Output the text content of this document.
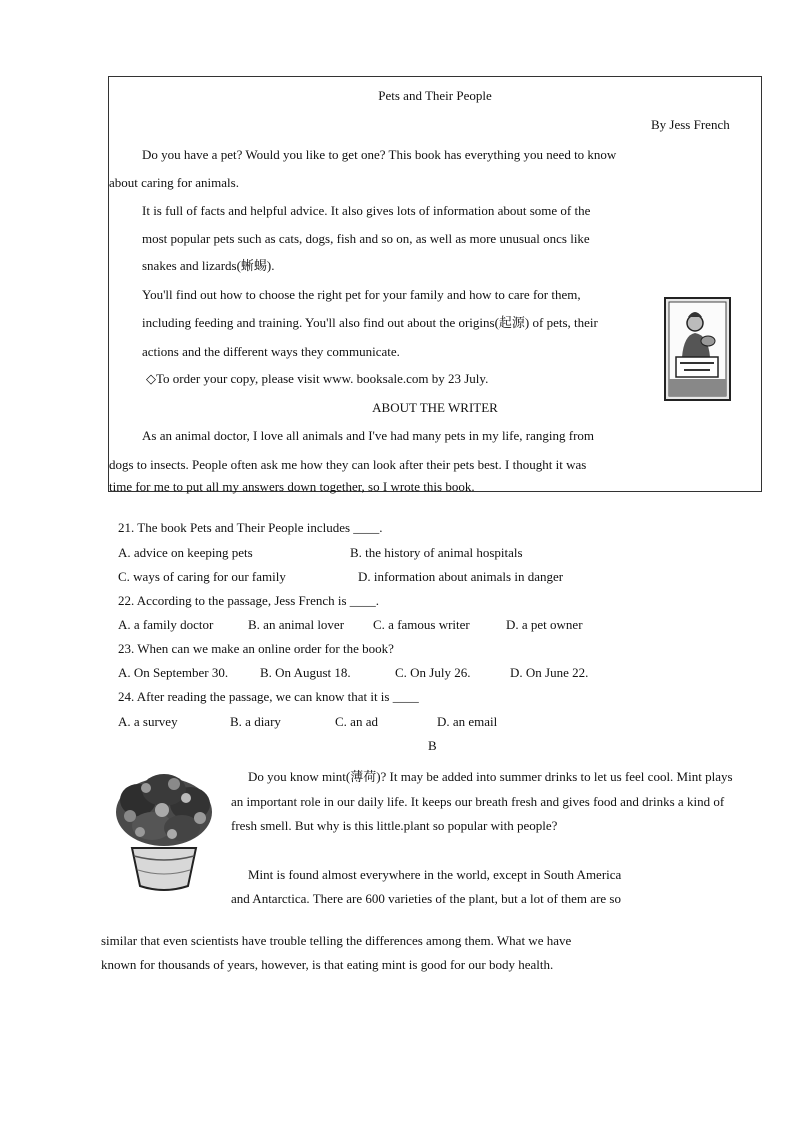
Pets and Their People
By Jess French
Do you have a pet? Would you like to get one? This book has everything you need to know
about caring for animals.
It is full of facts and helpful advice. It also gives lots of information about some of the
most popular pets such as cats, dogs, fish and so on, as well as more unusual oncs like
snakes and lizards(蜥蜴).
You'll find out how to choose the right pet for your family and how to care for them,
including feeding and training. You'll also find out about the origins(起源) of pets, their
actions and the different ways they communicate.
◇To order your copy, please visit www. booksale.com by 23 July.
ABOUT THE WRITER
As an animal doctor, I love all animals and I've had many pets in my life, ranging from
dogs to insects. People often ask me how they can look after their pets best. I thought it was
time for me to put all my answers down together, so I wrote this book.
21. The book Pets and Their People includes ____.
A. advice on keeping pets	B. the history of animal hospitals
C. ways of caring for our family	D. information about animals in danger
22. According to the passage, Jess French is ____.
A. a family doctor	B. an animal lover C. a famous writer	D. a pet owner
23. When can we make an online order for the book?
A. On September 30. B. On August 18.	C. On July 26.	D. On June 22.
24. After reading the passage, we can know that it is ____
A. a survey	B. a diary	C. an ad	D. an email
B
Do you know mint(薄荷)? It may be added into summer drinks to let us feel cool. Mint plays
an important role in our daily life. It keeps our breath fresh and gives food and drinks a kind of
fresh smell. But why is this little.plant so popular with people?
Mint is found almost everywhere in the world, except in South America
and Antarctica. There are 600 varieties of the plant, but a lot of them are so
similar that even scientists have trouble telling the differences among them. What we have
known for thousands of years, however, is that eating mint is good for our body health.
